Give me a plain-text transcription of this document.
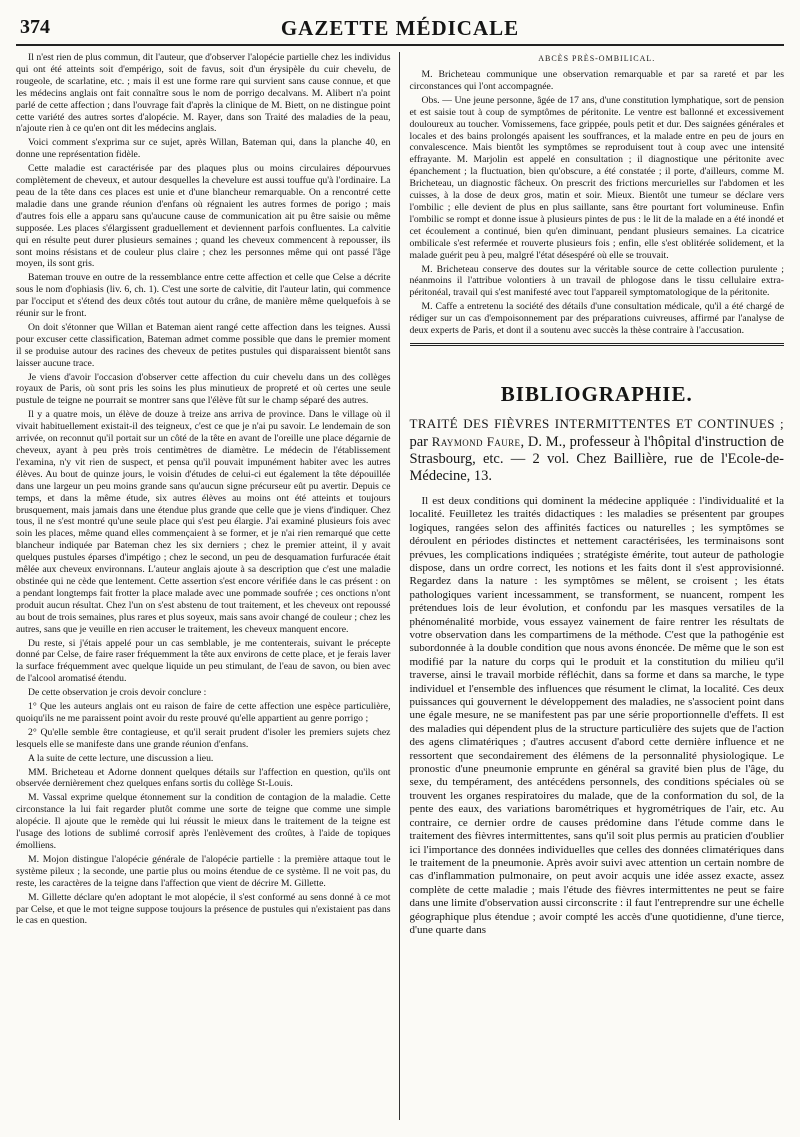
374	GAZETTE MÉDICALE

Il n'est rien de plus commun, dit l'auteur, que d'observer l'alopécie partielle chez les individus qui ont été atteints soit d'empérigo, soit de favus, soit d'un érysipèle du cuir chevelu, de rougeole, de scarlatine, etc. ; mais il est une forme rare qui survient sans cause connue, et que les médecins anglais ont fait connaître sous le nom de porrigo decalvans. M. Alibert n'a point parlé de cette affection ; dans l'ouvrage fait d'après la clinique de M. Biett, on ne distingue point cette variété des autres sortes d'alopécie. M. Rayer, dans son Traité des maladies de la peau, n'ajoute rien à ce qu'en ont dit les médecins anglais.

Voici comment s'exprima sur ce sujet, après Willan, Bateman qui, dans la planche 40, en donne une représentation fidèle.

Cette maladie est caractérisée par des plaques plus ou moins circulaires dépourvues complètement de cheveux, et autour desquelles la chevelure est aussi touffue qu'à l'ordinaire. La peau de la tête dans ces places est unie et d'une blancheur remarquable. On a rencontré cette maladie dans une grande réunion d'enfans où régnaient les autres formes de porigo ; mais d'autres fois elle a apparu sans qu'aucune cause de communication ait pu être saisie ou même supposée. Les places s'élargissent graduellement et deviennent parfois confluentes. La calvitie qui en résulte peut durer plusieurs semaines ; quand les cheveux commencent à repousser, ils sont moins résistans et de couleur plus claire ; chez les personnes même qui ont passé l'âge moyen, ils sont gris.

Bateman trouve en outre de la ressemblance entre cette affection et celle que Celse a décrite sous le nom d'ophiasis (liv. 6, ch. 1). C'est une sorte de calvitie, dit l'auteur latin, qui commence par l'occiput et s'étend des deux côtés tout autour du crâne, de manière même quelquefois à se réunir sur le front.

On doit s'étonner que Willan et Bateman aient rangé cette affection dans les teignes. Aussi pour excuser cette classification, Bateman admet comme possible que dans le premier moment il se produise autour des racines des cheveux de petites pustules qui disparaissent bientôt sans laisser aucune trace.

Je viens d'avoir l'occasion d'observer cette affection du cuir chevelu dans un des collèges royaux de Paris, où sont pris les soins les plus minutieux de propreté et où certes une seule pustule de teigne ne pourrait se montrer sans que l'élève fût sur le champ séparé des autres.

Il y a quatre mois, un élève de douze à treize ans arriva de province. Dans le village où il vivait habituellement existait-il des teigneux, c'est ce que je n'ai pu savoir. Le lendemain de son arrivée, on reconnut qu'il portait sur un côté de la tête en avant de l'oreille une place dégarnie de cheveux, ayant à peu près trois centimètres de diamètre. Le médecin de l'établissement l'examina, n'y vit rien de suspect, et pensa qu'il pouvait impunément habiter avec les autres élèves. Au bout de quinze jours, le voisin d'études de celui-ci eut également la tête dépouillée dans une largeur un peu moins grande sans qu'aucun signe précurseur eût pu avertir. Depuis ce temps, et dans la même étude, six autres élèves au moins ont été atteints et toujours brusquement, mais jamais dans une étendue plus grande que celle que je viens d'indiquer. Chez tous, il ne s'est montré qu'une seule place qui s'est peu élargie. J'ai examiné plusieurs fois avec soin les places, même quand elles commençaient à se former, et je n'ai rien remarqué que cette blancheur indiquée par Bateman chez les six derniers ; chez le premier atteint, il y avait quelques pustules éparses d'impétigo ; chez le second, un peu de desquamation furfuracée était mêlée aux cheveux environnans. L'auteur anglais ajoute à sa description que c'est une maladie obstinée qui ne cède que lentement. Cette assertion s'est encore vérifiée dans le cas présent : on a pendant longtemps fait frotter la place malade avec une pommade soufrée ; ces onctions n'ont produit aucun résultat. Chez l'un on s'est abstenu de tout traitement, et les cheveux ont repoussé au bout de trois semaines, plus rares et plus soyeux, mais sans avoir changé de couleur ; chez les autres, sans que je veuille en rien accuser le traitement, les cheveux manquent encore.

Du reste, si j'étais appelé pour un cas semblable, je me contenterais, suivant le précepte donné par Celse, de faire raser fréquemment la tête aux environs de cette place, et je ferais laver la surface fréquemment avec quelque liquide un peu stimulant, de l'eau de savon, ou bien avec de l'alcool aromatisé étendu.

De cette observation je crois devoir conclure :

1° Que les auteurs anglais ont eu raison de faire de cette affection une espèce particulière, quoiqu'ils ne me paraissent point avoir du reste prouvé qu'elle appartient au genre porrigo ;

2° Qu'elle semble être contagieuse, et qu'il serait prudent d'isoler les premiers sujets chez lesquels elle se manifeste dans une grande réunion d'enfans.

A la suite de cette lecture, une discussion a lieu.

MM. Bricheteau et Adorne donnent quelques détails sur l'affection en question, qu'ils ont observée dernièrement chez quelques enfans sortis du collège St-Louis.

M. Vassal exprime quelque étonnement sur la condition de contagion de la maladie. Cette circonstance la lui fait regarder plutôt comme une sorte de teigne que comme une simple alopécie. Il ajoute que le remède qui lui réussit le mieux dans le traitement de la teigne est l'usage des lotions de sublimé corrosif après l'enlèvement des croûtes, à l'aide de topiques émolliens.

M. Mojon distingue l'alopécie générale de l'alopécie partielle : la première attaque tout le système pileux ; la seconde, une partie plus ou moins étendue de ce système. Il ne voit pas, du reste, les caractères de la teigne dans l'affection que vient de décrire M. Gillette.

M. Gillette déclare qu'en adoptant le mot alopécie, il s'est conformé au sens donné à ce mot par Celse, et que le mot teigne suppose toujours la présence de pustules qui n'existaient pas dans le cas en question.

ABCÈS PRÈS-OMBILICAL.

M. Bricheteau communique une observation remarquable et par sa rareté et par les circonstances qui l'ont accompagnée.

Obs. — Une jeune personne, âgée de 17 ans, d'une constitution lymphatique, sort de pension et est saisie tout à coup de symptômes de péritonite. Le ventre est ballonné et excessivement douloureux au toucher. Vomissemens, face grippée, pouls petit et dur. Des saignées générales et locales et des bains prolongés apaisent les souffrances, et la malade entre en peu de jours en convalescence. Mais bientôt les symptômes se reproduisent tout à coup avec une intensité effrayante. M. Marjolin est appelé en consultation ; il diagnostique une péritonite avec épanchement ; la fluctuation, bien qu'obscure, a été constatée ; il porte, d'ailleurs, comme M. Bricheteau, un diagnostic fâcheux. On prescrit des frictions mercurielles sur l'abdomen et les cuisses, à la dose de deux gros, matin et soir. Mieux. Bientôt une tumeur se déclare vers l'ombilic ; elle devient de plus en plus saillante, sans être pourtant fort volumineuse. Enfin l'ombilic se rompt et donne issue à plusieurs pintes de pus : le lit de la malade en a été inondé et cet écoulement a continué, bien qu'en diminuant, pendant plusieurs semaines. La cicatrice ombilicale s'est refermée et rouverte plusieurs fois ; enfin, elle s'est oblitérée solidement, et la malade guérit peu à peu, malgré l'état désespéré où elle se trouvait.

M. Bricheteau conserve des doutes sur la véritable source de cette collection purulente ; néanmoins il l'attribue volontiers à un travail de phlogose dans le tissu cellulaire extra-péritonéal, travail qui s'est manifesté avec tout l'appareil symptomatologique de la péritonite.

M. Caffe a entretenu la société des détails d'une consultation médicale, qu'il a été chargé de rédiger sur un cas d'empoisonnement par des préparations cuivreuses, affirmé par l'analyse de deux experts de Paris, et dont il a soutenu avec succès la thèse contraire à l'accusation.

BIBLIOGRAPHIE.

TRAITÉ DES FIÈVRES INTERMITTENTES ET CONTINUES ; par Raymond Faure, D. M., professeur à l'hôpital d'instruction de Strasbourg, etc. — 2 vol. Chez Baillière, rue de l'Ecole-de-Médecine, 13.

Il est deux conditions qui dominent la médecine appliquée : l'individualité et la localité. Feuilletez les traités didactiques : les maladies se présentent par groupes logiques, rangées selon des affinités factices ou naturelles ; les symptômes se déroulent en périodes distinctes et nettement caractérisées, les terminaisons sont prévues, les complications indiquées ; stratégiste émérite, tout auteur de pathologie dispose, dans un ordre correct, les notions et les faits dont il s'est approvisionné. Regardez dans la nature : les symptômes se mêlent, se croisent ; les états pathologiques varient incessamment, se transforment, se nuancent, rompent les prétendues lois de leur évolution, et confondu par les masques versatiles de la phénoménalité morbide, vous essayez vainement de faire rentrer les résultats de votre observation dans les compartimens de la méthode. C'est que la pathogénie est subordonnée à la double condition que nous avons énoncée. De même que le son est modifié par la nature du corps qui le produit et la constitution du milieu qu'il traverse, ainsi le travail morbide réfléchit, dans sa forme et dans sa marche, le type individuel et l'ensemble des influences que résument le climat, la localité. Ces deux puissances qui gouvernent le développement des maladies, ne s'associent point dans une égale mesure, ne se manifestent pas par une série proportionnelle d'effets. Il est des maladies qui dépendent plus de la structure particulière des sujets que de l'action des agens climatériques ; d'autres accusent d'abord cette dernière influence et ne ressortent que secondairement des élémens de la personnalité physiologique. Le pronostic d'une pneumonie emprunte en général sa gravité bien plus de l'âge, du sexe, du tempérament, des antécédens personnels, des conditions spéciales où se trouvent les organes respiratoires du malade, que de la conformation du sol, de la pente des eaux, des variations barométriques et hygrométriques de l'air, etc. Au contraire, ce dernier ordre de causes prédomine dans l'étude comme dans le traitement des fièvres intermittentes, sans qu'il soit plus permis au praticien d'oublier ici l'importance des données individuelles que celles des données climatériques dans le traitement de la pneumonie. Après avoir suivi avec attention un certain nombre de cas d'inflammation pulmonaire, on peut avoir acquis une idée assez exacte, assez complète de cette maladie ; mais l'étude des fièvres intermittentes ne peut se faire dans une limite d'observation aussi circonscrite : il faut l'entreprendre sur une échelle géographique plus étendue ; avoir compté les accès d'une quotidienne, d'une tierce, d'une quarte dans
